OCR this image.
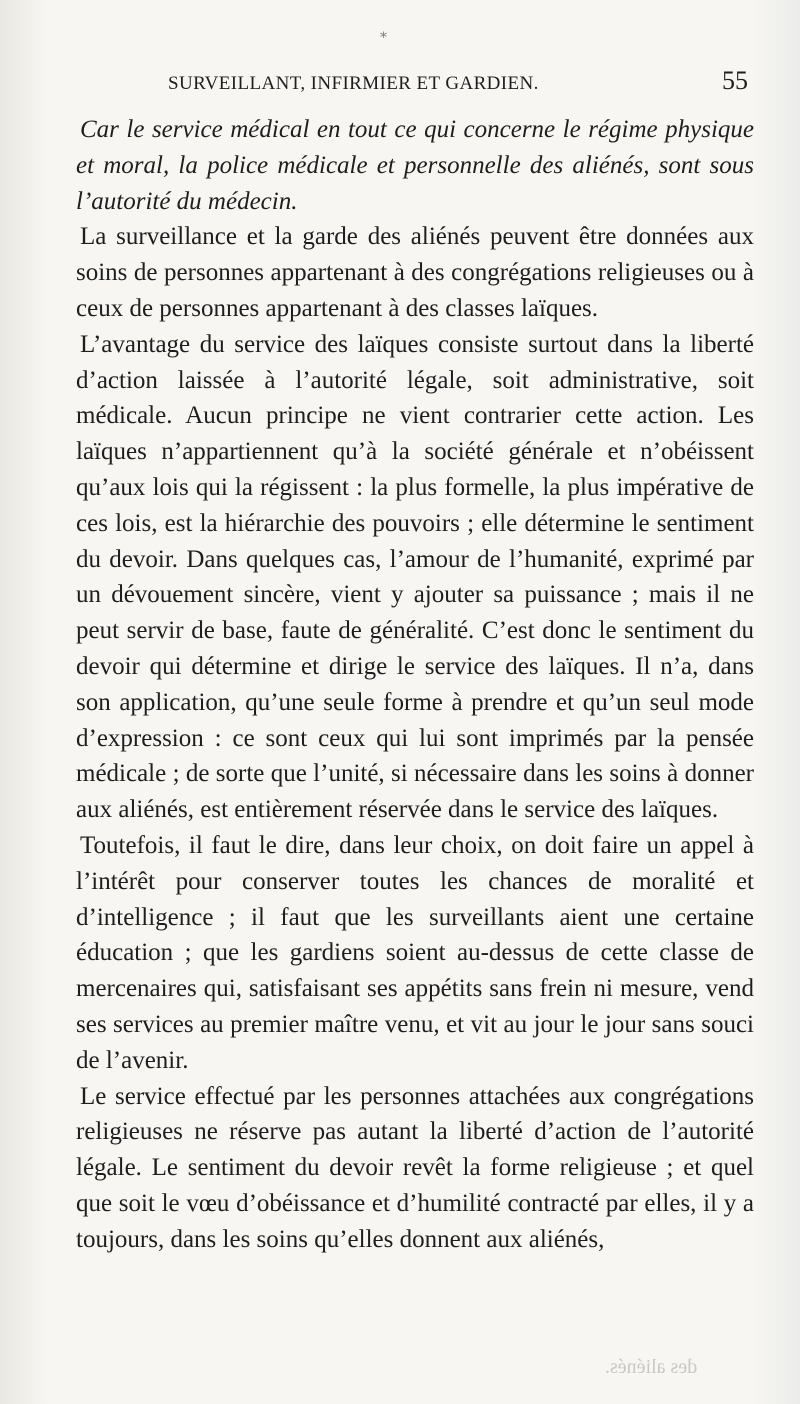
*
SURVEILLANT, INFIRMIER ET GARDIEN.	55

Car le service médical en tout ce qui concerne le régime physique et moral, la police médicale et personnelle des aliénés, sont sous l’autorité du médecin.

La surveillance et la garde des aliénés peuvent être données aux soins de personnes appartenant à des congrégations religieuses ou à ceux de personnes appartenant à des classes laïques.

L’avantage du service des laïques consiste surtout dans la liberté d’action laissée à l’autorité légale, soit administrative, soit médicale. Aucun principe ne vient contrarier cette action. Les laïques n’appartiennent qu’à la société générale et n’obéissent qu’aux lois qui la régissent : la plus formelle, la plus impérative de ces lois, est la hiérarchie des pouvoirs ; elle détermine le sentiment du devoir. Dans quelques cas, l’amour de l’humanité, exprimé par un dévouement sincère, vient y ajouter sa puissance ; mais il ne peut servir de base, faute de généralité. C’est donc le sentiment du devoir qui détermine et dirige le service des laïques. Il n’a, dans son application, qu’une seule forme à prendre et qu’un seul mode d’expression : ce sont ceux qui lui sont imprimés par la pensée médicale ; de sorte que l’unité, si nécessaire dans les soins à donner aux aliénés, est entièrement réservée dans le service des laïques.

Toutefois, il faut le dire, dans leur choix, on doit faire un appel à l’intérêt pour conserver toutes les chances de moralité et d’intelligence ; il faut que les surveillants aient une certaine éducation ; que les gardiens soient au-dessus de cette classe de mercenaires qui, satisfaisant ses appétits sans frein ni mesure, vend ses services au premier maître venu, et vit au jour le jour sans souci de l’avenir.

Le service effectué par les personnes attachées aux congrégations religieuses ne réserve pas autant la liberté d’action de l’autorité légale. Le sentiment du devoir revêt la forme religieuse ; et quel que soit le vœu d’obéissance et d’humilité contracté par elles, il y a toujours, dans les soins qu’elles donnent aux aliénés,

des aliénés.
